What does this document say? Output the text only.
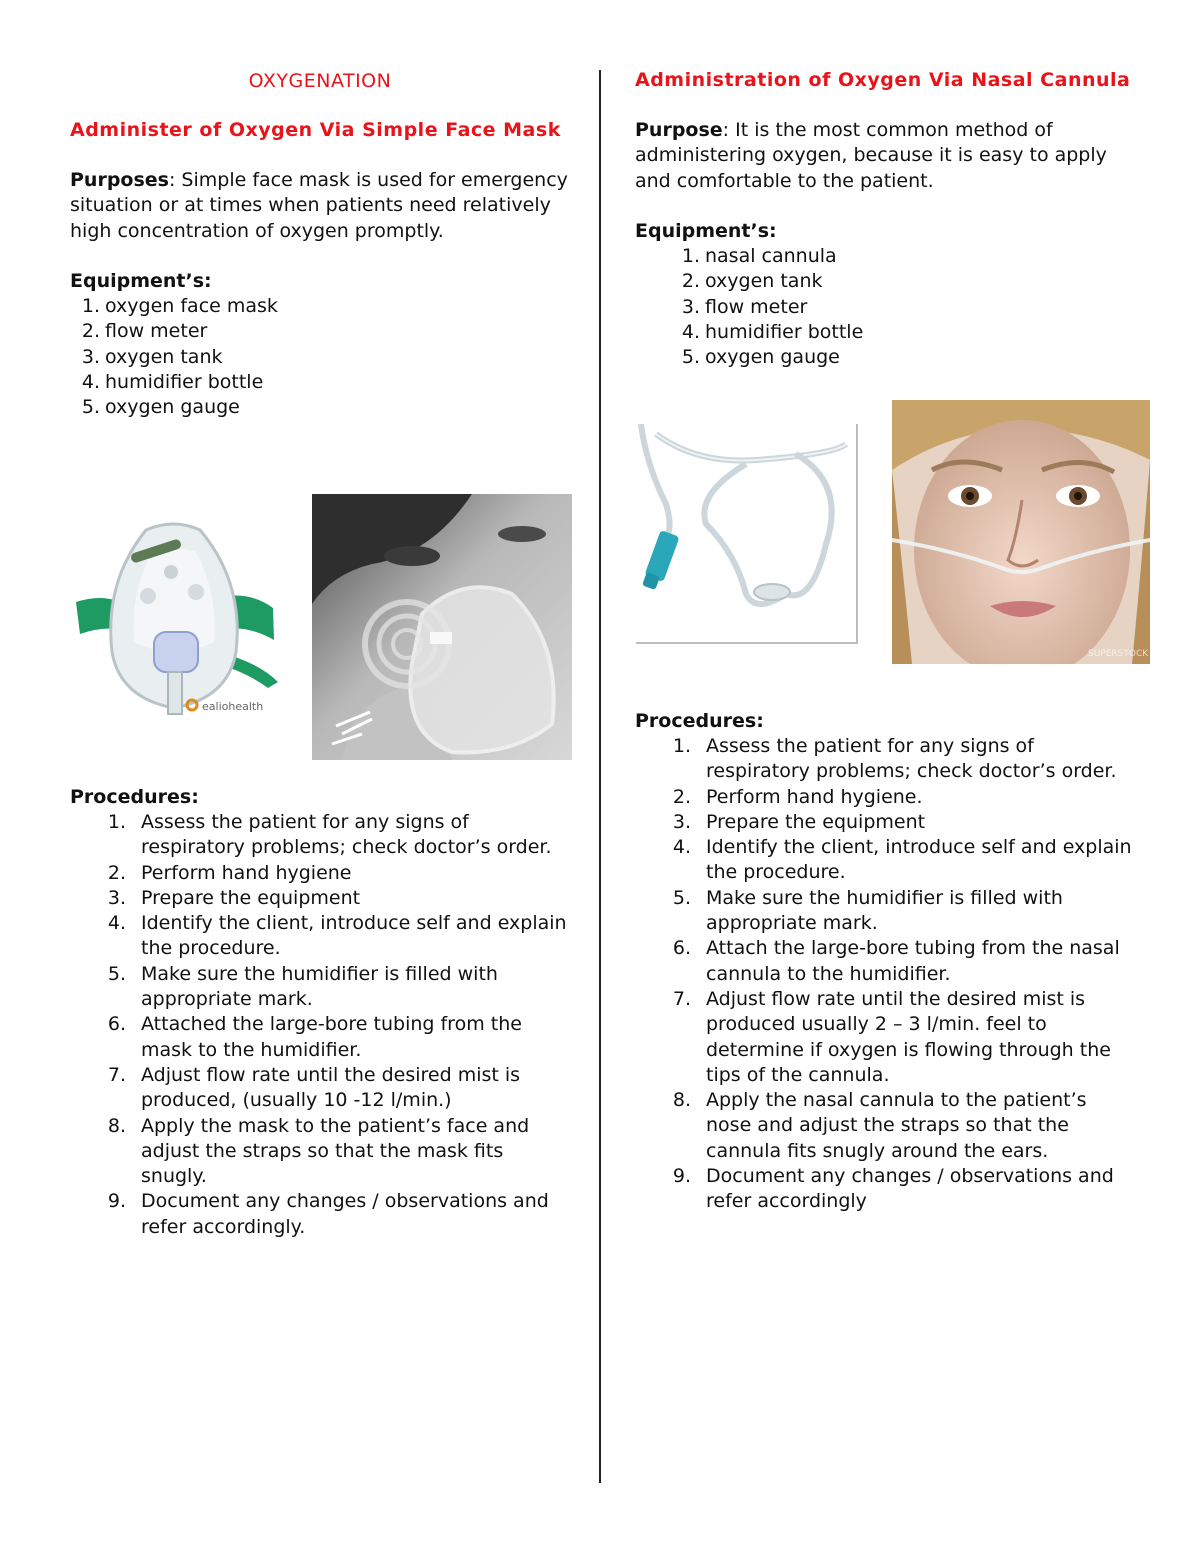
OXYGENATION
Administer of Oxygen Via Simple Face Mask

Purposes: Simple face mask is used for emergency situation or at times when patients need relatively high concentration of oxygen promptly.

Equipment’s:
1. oxygen face mask
2. flow meter
3. oxygen tank
4. humidifier bottle
5. oxygen gauge
Procedures:
1. Assess the patient for any signs of respiratory problems; check doctor’s order.
2. Perform hand hygiene
3. Prepare the equipment
4. Identify the client, introduce self and explain the procedure.
5. Make sure the humidifier is filled with appropriate mark.
6. Attached the large-bore tubing from the mask to the humidifier.
7. Adjust flow rate until the desired mist is produced, (usually 10 -12 l/min.)
8. Apply the mask to the patient’s face and adjust the straps so that the mask fits snugly.
9. Document any changes / observations and refer accordingly.
ealiohealth
Administration of Oxygen Via Nasal Cannula

Purpose: It is the most common method of administering oxygen, because it is easy to apply and comfortable to the patient.

Equipment’s:
1. nasal cannula
2. oxygen tank
3. flow meter
4. humidifier bottle
5. oxygen gauge
Procedures:
1. Assess the patient for any signs of respiratory problems; check doctor’s order.
2. Perform hand hygiene.
3. Prepare the equipment
4. Identify the client, introduce self and explain the procedure.
5. Make sure the humidifier is filled with appropriate mark.
6. Attach the large-bore tubing from the nasal cannula to the humidifier.
7. Adjust flow rate until the desired mist is produced usually 2 – 3 l/min. feel to determine if oxygen is flowing through the tips of the cannula.
8. Apply the nasal cannula to the patient’s nose and adjust the straps so that the cannula fits snugly around the ears.
9. Document any changes / observations and refer accordingly
SUPERSTOCK
